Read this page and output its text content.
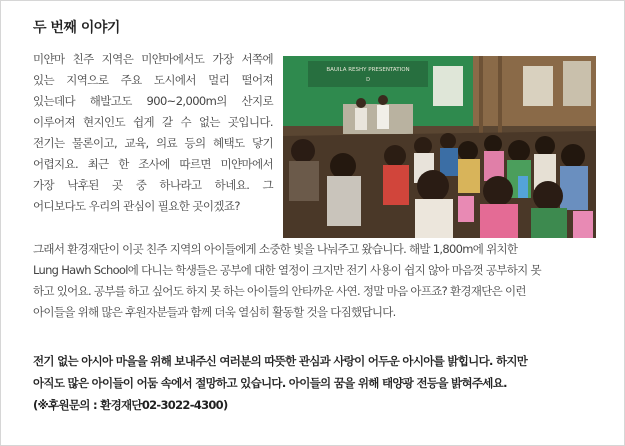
두 번째 이야기
미얀마 친주 지역은 미얀마에서도 가장 서쪽에
있는 지역으로 주요 도시에서 멀리 떨어져
있는데다 해발고도 900~2,000m의 산지로
이루어져 현지인도 쉽게 갈 수 없는 곳입니다.
전기는 물론이고, 교육, 의료 등의 혜택도 닿기
어렵지요. 최근 한 조사에 따르면 미얀마에서
가장 낙후된 곳 중 하나라고 하네요. 그
어디보다도 우리의 관심이 필요한 곳이겠죠?
BAUILA RESHY PRESENTATION
D
그래서 환경재단이 이곳 친주 지역의 아이들에게 소중한 빛을 나눠주고 왔습니다. 해발 1,800m에 위치한
Lung Hawh School에 다니는 학생들은 공부에 대한 열정이 크지만 전기 사용이 쉽지 않아 마음껏 공부하지 못
하고 있어요. 공부를 하고 싶어도 하지 못 하는 아이들의 안타까운 사연. 정말 마음 아프죠? 환경재단은 이런
아이들을 위해 많은 후원자분들과 함께 더욱 열심히 활동할 것을 다짐했답니다.
전기 없는 아시아 마을을 위해 보내주신 여러분의 따뜻한 관심과 사랑이 어두운 아시아를 밝힙니다. 하지만
아직도 많은 아이들이 어둠 속에서 절망하고 있습니다. 아이들의 꿈을 위해 태양광 전등을 밝혀주세요.
(※후원문의 : 환경재단02-3022-4300)
